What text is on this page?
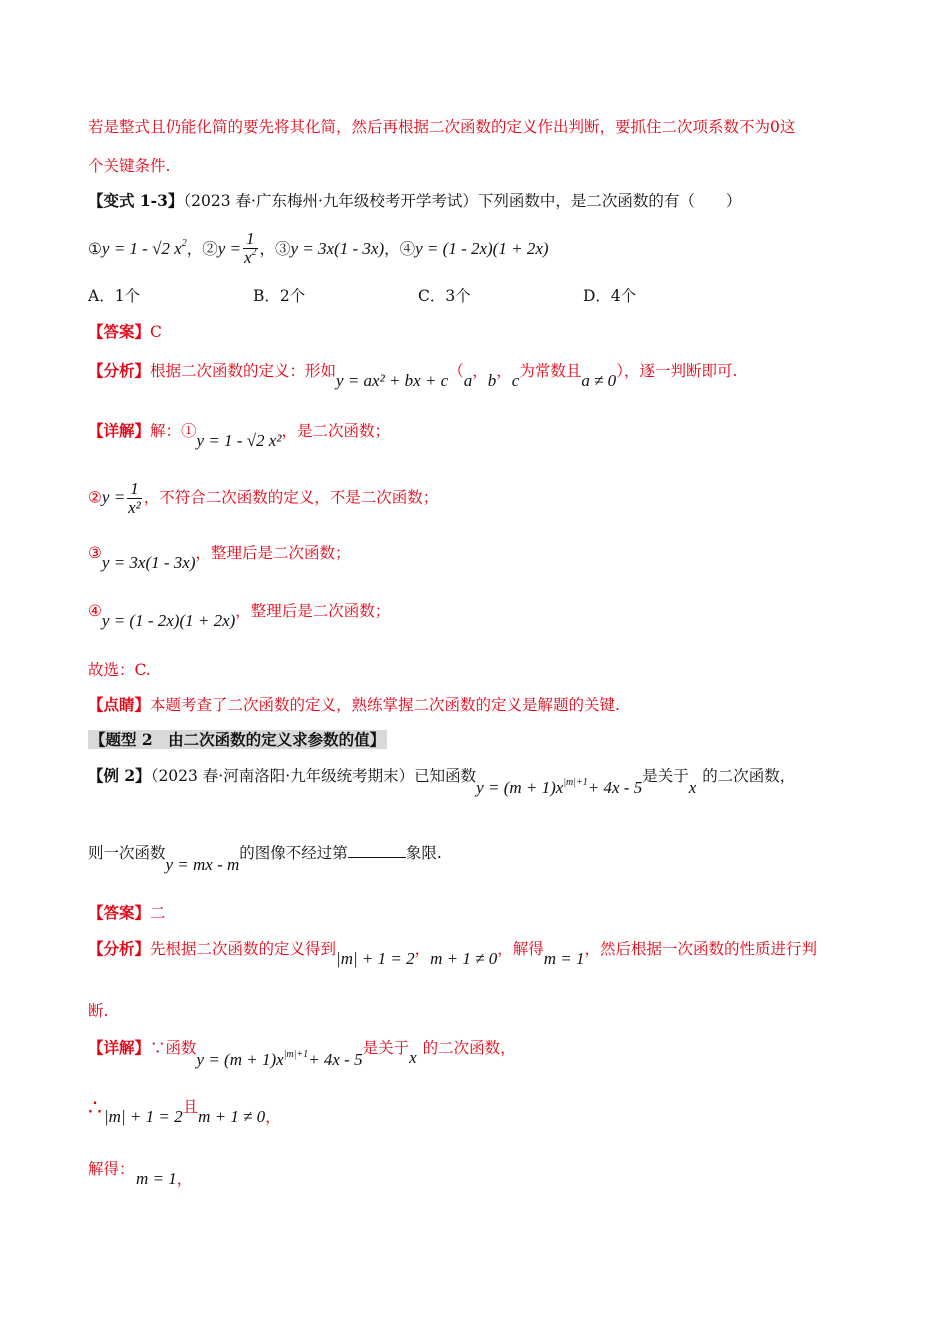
若是整式且仍能化简的要先将其化简，然后再根据二次函数的定义作出判断，要抓住二次项系数不为0这
个关键条件.
【变式 1-3】（2023 春·广东梅州·九年级校考开学考试）下列函数中，是二次函数的有（　　）
①y = 1 - √2 $x^2$，②y = $\frac{1}{x^2}$ ，③y = 3x(1 - 3x)，④y = (1 - 2x)(1 + 2x)
A．1个	B．2个	C．3个	D．4个
【答案】C
【分析】根据二次函数的定义：形如y = ax² + bx + c（a，b，c为常数且a ≠ 0），逐一判断即可.
【详解】解：①y = 1 - √2 x²，是二次函数；
②y = $\frac{1}{\text{x²}}$ ，不符合二次函数的定义，不是二次函数；
③y = 3x(1 - 3x)，整理后是二次函数；
④y = (1 - 2x)(1 + 2x)，整理后是二次函数；
故选：C.
【点睛】本题考查了二次函数的定义，熟练掌握二次函数的定义是解题的关键.
【题型 2　由二次函数的定义求参数的值】
【例 2】（2023 春·河南洛阳·九年级统考期末）已知函数$y = (m + 1)x^{|m|+1}+ 4x - 5$是关于x的二次函数，
则一次函数y = mx - m的图像不经过第	象限.
【答案】二
【分析】先根据二次函数的定义得到|m| + 1 = 2，m + 1 ≠ 0，解得m = 1，然后根据一次函数的性质进行判
断.
【详解】∵函数$y = (m + 1)x^{|m|+1}+ 4x - 5$是关于x 的二次函数，
∴ |m| + 1 = 2且m + 1 ≠ 0，
解得： m = 1，
